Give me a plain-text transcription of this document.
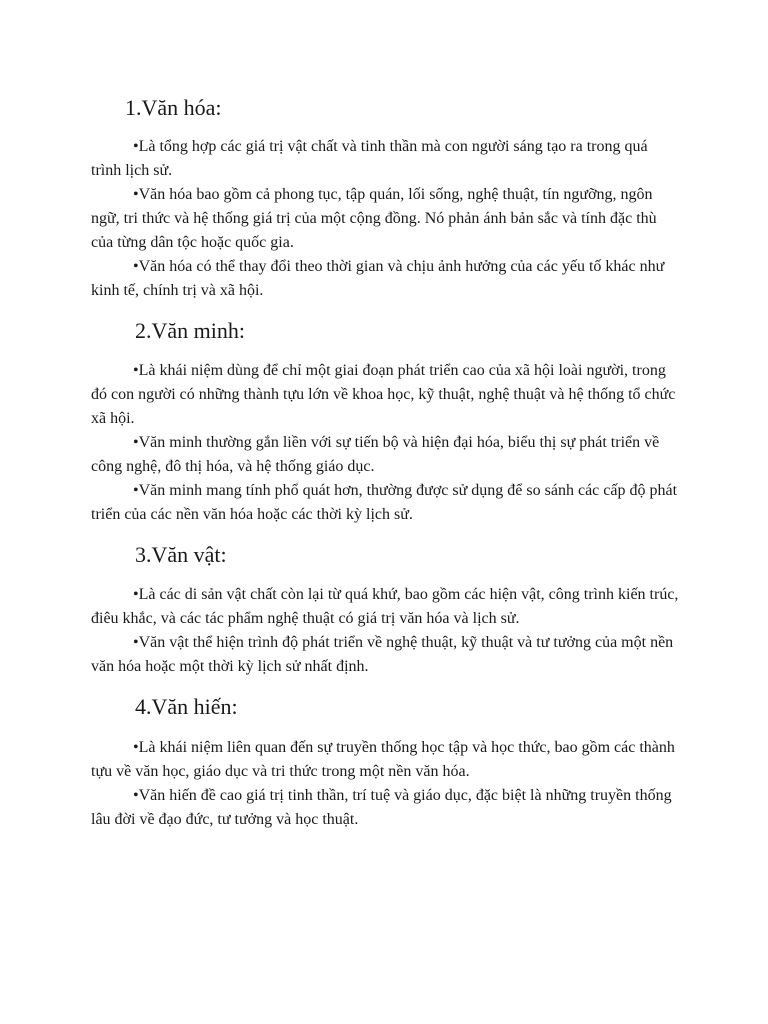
1.Văn hóa:

•Là tổng hợp các giá trị vật chất và tinh thần mà con người sáng tạo ra trong quá trình lịch sử.

•Văn hóa bao gồm cả phong tục, tập quán, lối sống, nghệ thuật, tín ngưỡng, ngôn ngữ, tri thức và hệ thống giá trị của một cộng đồng. Nó phản ánh bản sắc và tính đặc thù của từng dân tộc hoặc quốc gia.

•Văn hóa có thể thay đổi theo thời gian và chịu ảnh hưởng của các yếu tố khác như kinh tế, chính trị và xã hội.

2.Văn minh:

•Là khái niệm dùng để chỉ một giai đoạn phát triển cao của xã hội loài người, trong đó con người có những thành tựu lớn về khoa học, kỹ thuật, nghệ thuật và hệ thống tổ chức xã hội.

•Văn minh thường gắn liền với sự tiến bộ và hiện đại hóa, biểu thị sự phát triển về công nghệ, đô thị hóa, và hệ thống giáo dục.

•Văn minh mang tính phổ quát hơn, thường được sử dụng để so sánh các cấp độ phát triển của các nền văn hóa hoặc các thời kỳ lịch sử.

3.Văn vật:

•Là các di sản vật chất còn lại từ quá khứ, bao gồm các hiện vật, công trình kiến trúc, điêu khắc, và các tác phẩm nghệ thuật có giá trị văn hóa và lịch sử.

•Văn vật thể hiện trình độ phát triển về nghệ thuật, kỹ thuật và tư tưởng của một nền văn hóa hoặc một thời kỳ lịch sử nhất định.

4.Văn hiến:

•Là khái niệm liên quan đến sự truyền thống học tập và học thức, bao gồm các thành tựu về văn học, giáo dục và tri thức trong một nền văn hóa.

•Văn hiến đề cao giá trị tinh thần, trí tuệ và giáo dục, đặc biệt là những truyền thống lâu đời về đạo đức, tư tưởng và học thuật.
